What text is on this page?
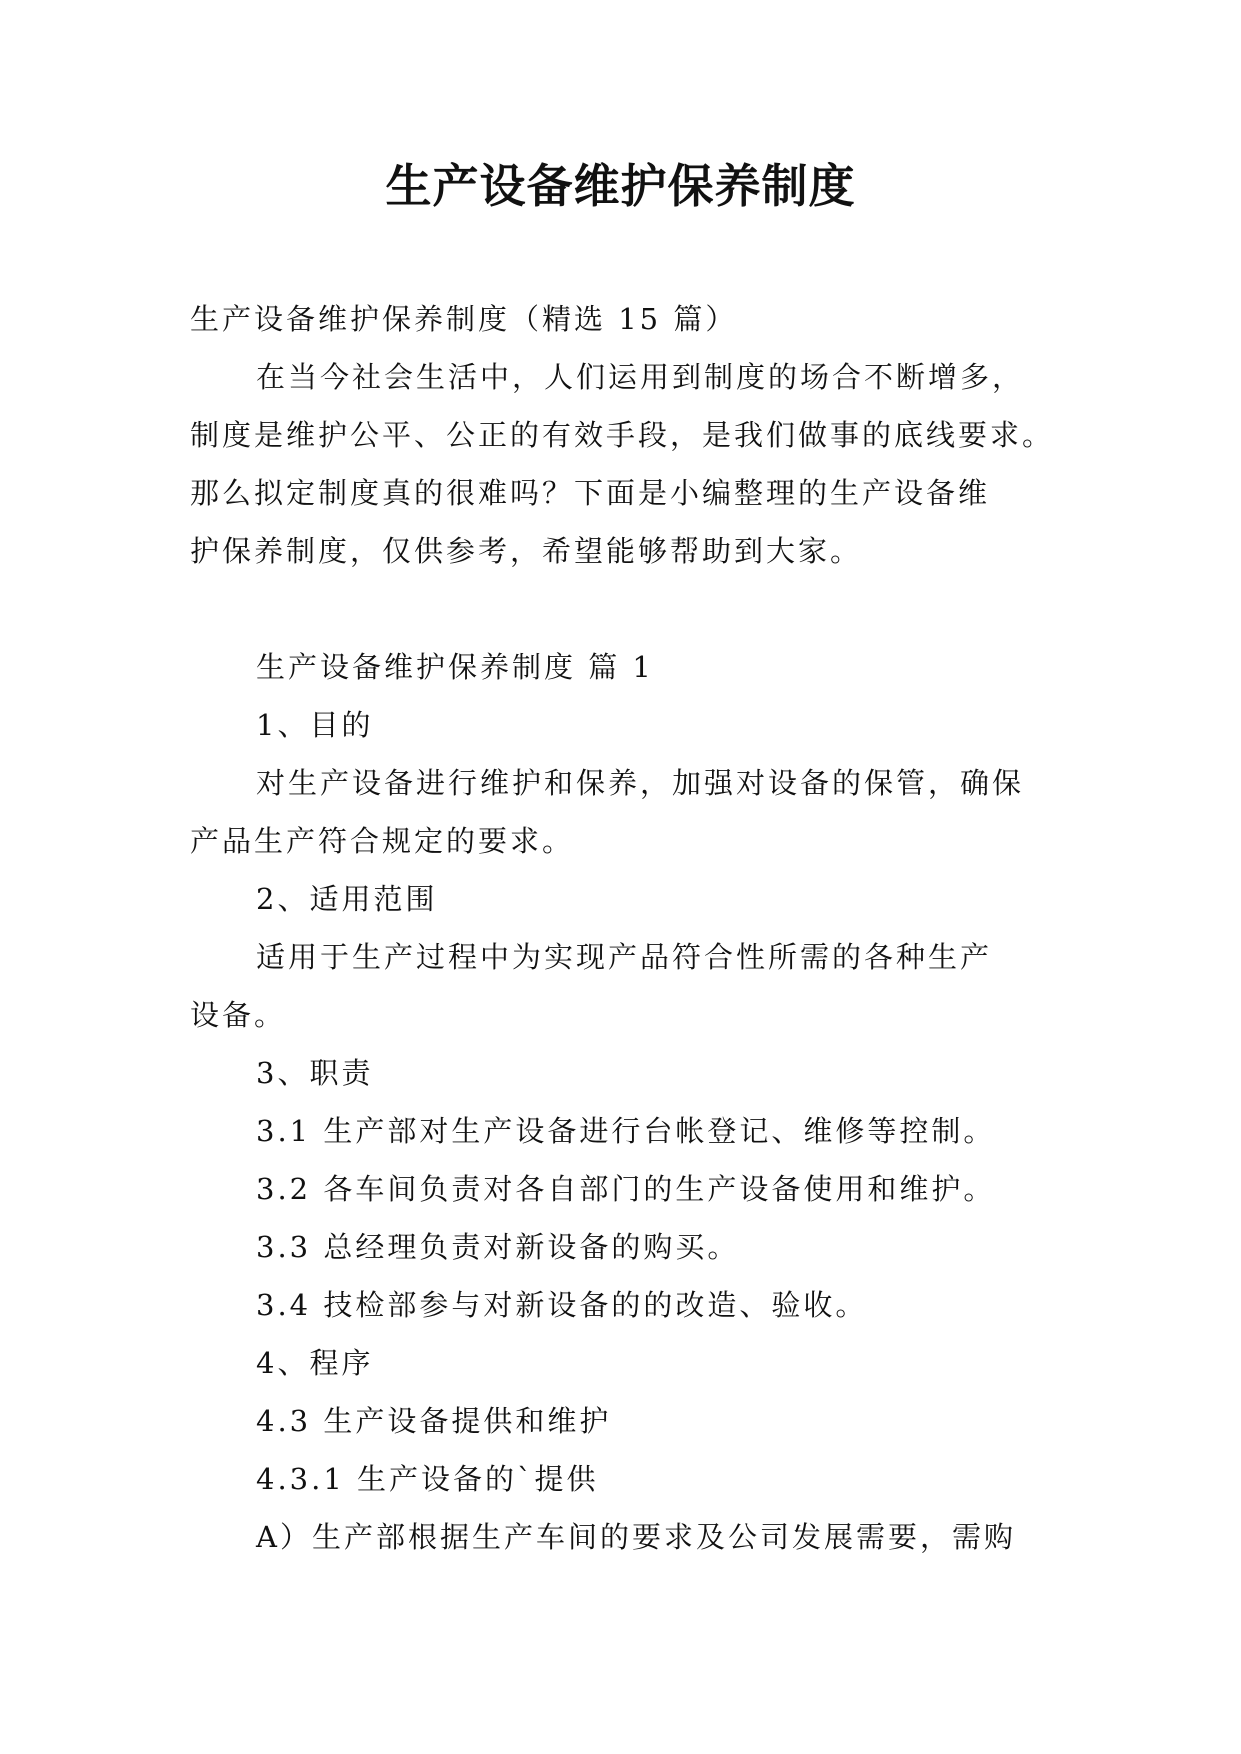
生产设备维护保养制度
生产设备维护保养制度（精选 15 篇）
在当今社会生活中，人们运用到制度的场合不断增多，
制度是维护公平、公正的有效手段，是我们做事的底线要求。
那么拟定制度真的很难吗？下面是小编整理的生产设备维
护保养制度，仅供参考，希望能够帮助到大家。
生产设备维护保养制度 篇 1
1、目的
对生产设备进行维护和保养，加强对设备的保管，确保
产品生产符合规定的要求。
2、适用范围
适用于生产过程中为实现产品符合性所需的各种生产
设备。
3、职责
3.1 生产部对生产设备进行台帐登记、维修等控制。
3.2 各车间负责对各自部门的生产设备使用和维护。
3.3 总经理负责对新设备的购买。
3.4 技检部参与对新设备的的改造、验收。
4、程序
4.3 生产设备提供和维护
4.3.1 生产设备的`提供
A）生产部根据生产车间的要求及公司发展需要，需购
